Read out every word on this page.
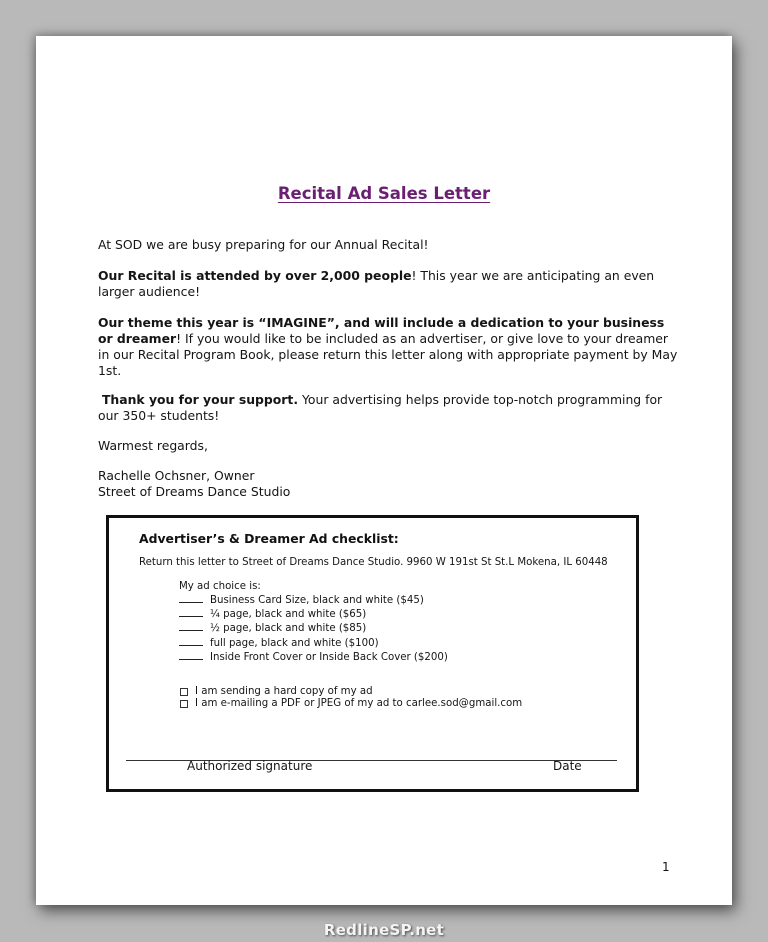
Recital Ad Sales Letter
At SOD we are busy preparing for our Annual Recital!
Our Recital is attended by over 2,000 people! This year we are anticipating an even larger audience!
Our theme this year is “IMAGINE”, and will include a dedication to your business or dreamer! If you would like to be included as an advertiser, or give love to your dreamer in our Recital Program Book, please return this letter along with appropriate payment by May 1st.
Thank you for your support. Your advertising helps provide top-notch programming for our 350+ students!
Warmest regards,
Rachelle Ochsner, Owner
Street of Dreams Dance Studio
Advertiser’s & Dreamer Ad checklist:
Return this letter to Street of Dreams Dance Studio. 9960 W 191st St St.L Mokena, IL 60448
My ad choice is:
Business Card Size, black and white ($45)
¼ page, black and white ($65)
½ page, black and white ($85)
full page, black and white ($100)
Inside Front Cover or Inside Back Cover ($200)
I am sending a hard copy of my ad
I am e-mailing a PDF or JPEG of my ad to carlee.sod@gmail.com
Authorized signature	Date
1
RedlineSP.net
